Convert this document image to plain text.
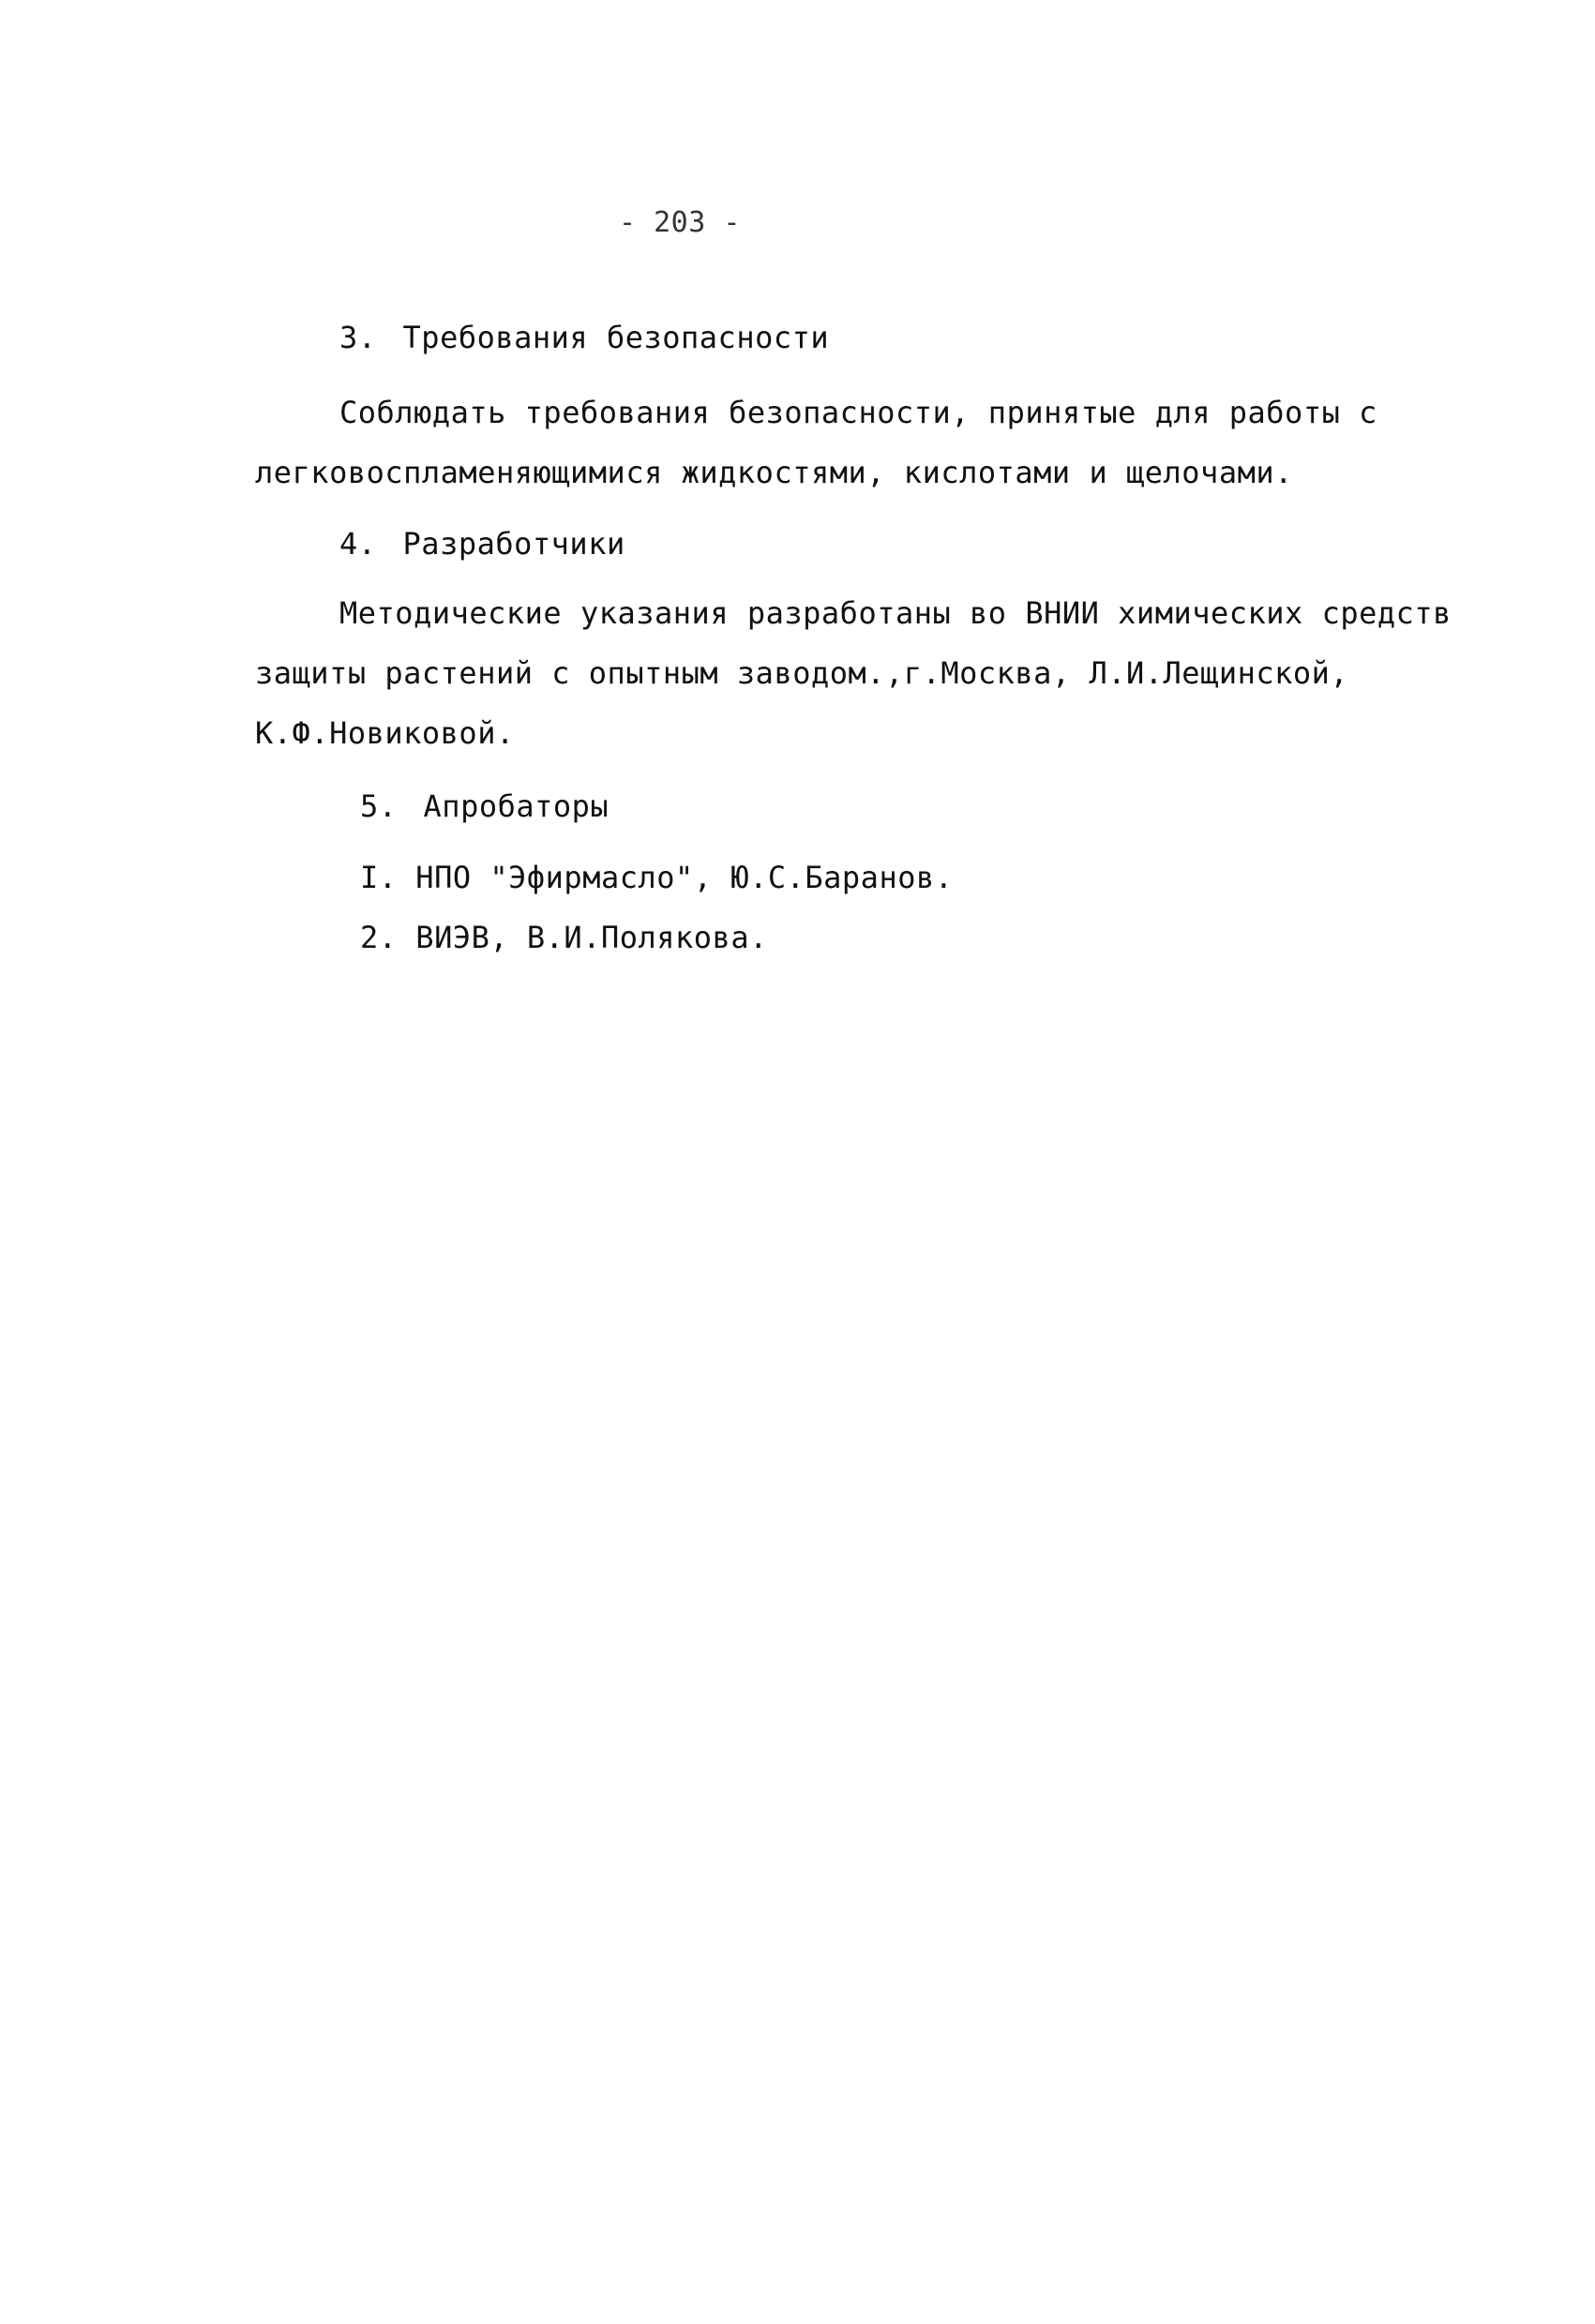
- 203 -
3. Требования безопасности
Соблюдать требования безопасности, принятые для работы с
легковоспламеняющимися жидкостями, кислотами и щелочами.
4. Разработчики
Методические указания разработаны во ВНИИ химических средств
защиты растений с опытным заводом.,г.Москва, Л.И.Лещинской,
К.Ф.Новиковой.
5. Апробаторы
I. НПО "Эфирмасло", Ю.С.Баранов.
2. ВИЭВ, В.И.Полякова.
